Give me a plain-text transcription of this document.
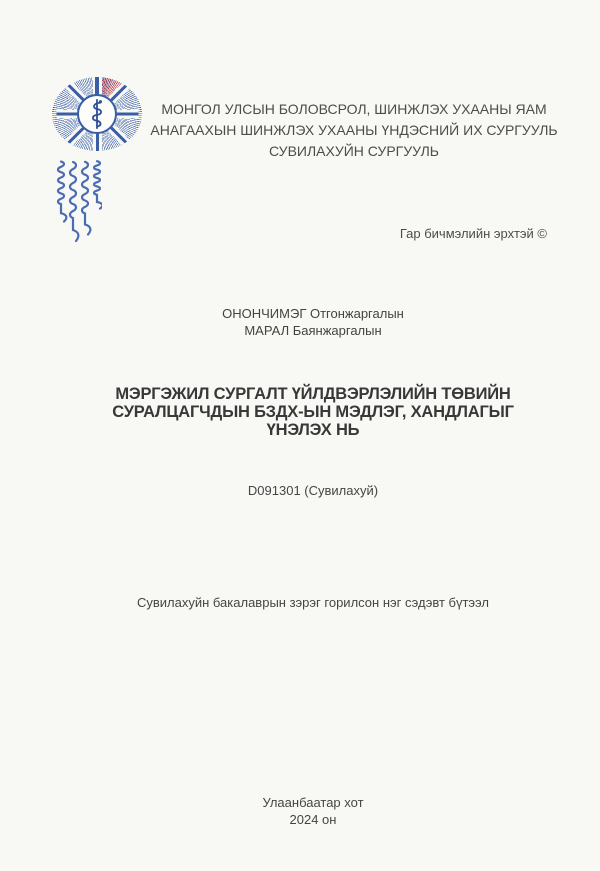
МОНГОЛ УЛСЫН БОЛОВСРОЛ, ШИНЖЛЭХ УХААНЫ ЯАМ
АНАГААХЫН ШИНЖЛЭХ УХААНЫ ҮНДЭСНИЙ ИХ СУРГУУЛЬ
СУВИЛАХУЙН СУРГУУЛЬ
Гар бичмэлийн эрхтэй ©
ОНОНЧИМЭГ Отгонжаргалын
МАРАЛ Баянжаргалын
МЭРГЭЖИЛ СУРГАЛТ ҮЙЛДВЭРЛЭЛИЙН ТӨВИЙН
СУРАЛЦАГЧДЫН БЗДХ-ЫН МЭДЛЭГ, ХАНДЛАГЫГ
ҮНЭЛЭХ НЬ
D091301 (Сувилахуй)
Сувилахуйн бакалаврын зэрэг горилсон нэг сэдэвт бүтээл
Улаанбаатар хот
2024 он
